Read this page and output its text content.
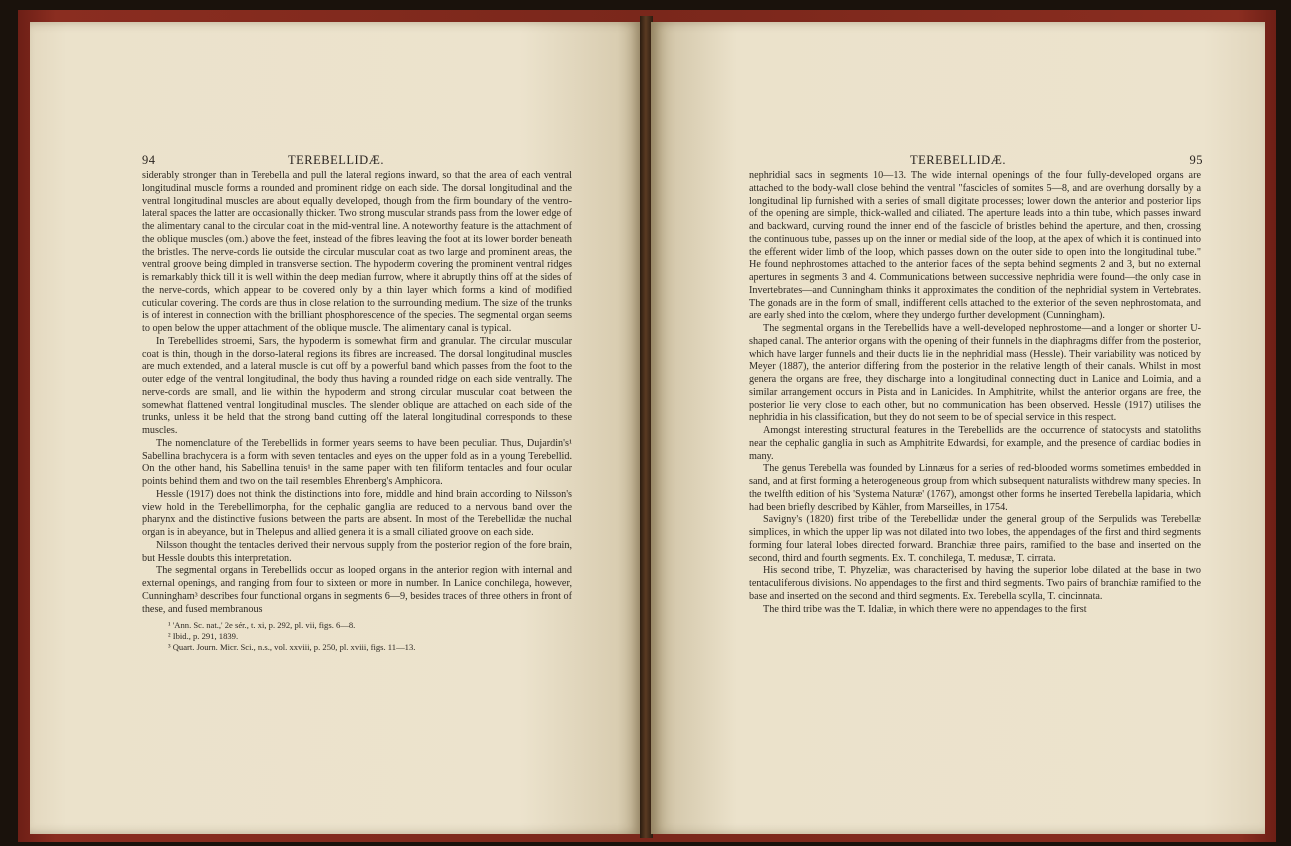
94	TEREBELLIDÆ.

siderably stronger than in Terebella and pull the lateral regions inward, so that the area of each ventral longitudinal muscle forms a rounded and prominent ridge on each side. The dorsal longitudinal and the ventral longitudinal muscles are about equally developed, though from the firm boundary of the ventro-lateral spaces the latter are occasionally thicker. Two strong muscular strands pass from the lower edge of the alimentary canal to the circular coat in the mid-ventral line. A noteworthy feature is the attachment of the oblique muscles (om.) above the feet, instead of the fibres leaving the foot at its lower border beneath the bristles. The nerve-cords lie outside the circular muscular coat as two large and prominent areas, the ventral groove being dimpled in transverse section. The hypoderm covering the prominent ventral ridges is remarkably thick till it is well within the deep median furrow, where it abruptly thins off at the sides of the nerve-cords, which appear to be covered only by a thin layer which forms a kind of modified cuticular covering. The cords are thus in close relation to the surrounding medium. The size of the trunks is of interest in connection with the brilliant phosphorescence of the species. The segmental organ seems to open below the upper attachment of the oblique muscle. The alimentary canal is typical.

In Terebellides stroemi, Sars, the hypoderm is somewhat firm and granular. The circular muscular coat is thin, though in the dorso-lateral regions its fibres are increased. The dorsal longitudinal muscles are much extended, and a lateral muscle is cut off by a powerful band which passes from the foot to the outer edge of the ventral longitudinal, the body thus having a rounded ridge on each side ventrally. The nerve-cords are small, and lie within the hypoderm and strong circular muscular coat between the somewhat flattened ventral longitudinal muscles. The slender oblique are attached on each side of the trunks, unless it be held that the strong band cutting off the lateral longitudinal corresponds to these muscles.

The nomenclature of the Terebellids in former years seems to have been peculiar. Thus, Dujardin's¹ Sabellina brachycera is a form with seven tentacles and eyes on the upper fold as in a young Terebellid. On the other hand, his Sabellina tenuis¹ in the same paper with ten filiform tentacles and four ocular points behind them and two on the tail resembles Ehrenberg's Amphicora.

Hessle (1917) does not think the distinctions into fore, middle and hind brain according to Nilsson's view hold in the Terebellimorpha, for the cephalic ganglia are reduced to a nervous band over the pharynx and the distinctive fusions between the parts are absent. In most of the Terebellidæ the nuchal organ is in abeyance, but in Thelepus and allied genera it is a small ciliated groove on each side.

Nilsson thought the tentacles derived their nervous supply from the posterior region of the fore brain, but Hessle doubts this interpretation.

The segmental organs in Terebellids occur as looped organs in the anterior region with internal and external openings, and ranging from four to sixteen or more in number. In Lanice conchilega, however, Cunningham³ describes four functional organs in segments 6—9, besides traces of three others in front of these, and fused membranous

¹ 'Ann. Sc. nat.,' 2e sér., t. xi, p. 292, pl. vii, figs. 6—8.
² Ibid., p. 291, 1839.
³ Quart. Journ. Micr. Sci., n.s., vol. xxviii, p. 250, pl. xviii, figs. 11—13.
TEREBELLIDÆ.	95

nephridial sacs in segments 10—13. The wide internal openings of the four fully-developed organs are attached to the body-wall close behind the ventral "fascicles of somites 5—8, and are overhung dorsally by a longitudinal lip furnished with a series of small digitate processes; lower down the anterior and posterior lips of the opening are simple, thick-walled and ciliated. The aperture leads into a thin tube, which passes inward and backward, curving round the inner end of the fascicle of bristles behind the aperture, and then, crossing the continuous tube, passes up on the inner or medial side of the loop, at the apex of which it is continued into the efferent wider limb of the loop, which passes down on the outer side to open into the longitudinal tube." He found nephrostomes attached to the anterior faces of the septa behind segments 2 and 3, but no external apertures in segments 3 and 4. Communications between successive nephridia were found—the only case in Invertebrates—and Cunningham thinks it approximates the condition of the nephridial system in Vertebrates. The gonads are in the form of small, indifferent cells attached to the exterior of the seven nephrostomata, and are early shed into the cœlom, where they undergo further development (Cunningham).

The segmental organs in the Terebellids have a well-developed nephrostome—and a longer or shorter U-shaped canal. The anterior organs with the opening of their funnels in the diaphragms differ from the posterior, which have larger funnels and their ducts lie in the nephridial mass (Hessle). Their variability was noticed by Meyer (1887), the anterior differing from the posterior in the relative length of their canals. Whilst in most genera the organs are free, they discharge into a longitudinal connecting duct in Lanice and Loimia, and a similar arrangement occurs in Pista and in Lanicides. In Amphitrite, whilst the anterior organs are free, the posterior lie very close to each other, but no communication has been observed. Hessle (1917) utilises the nephridia in his classification, but they do not seem to be of special service in this respect.

Amongst interesting structural features in the Terebellids are the occurrence of statocysts and statoliths near the cephalic ganglia in such as Amphitrite Edwardsi, for example, and the presence of cardiac bodies in many.

The genus Terebella was founded by Linnæus for a series of red-blooded worms sometimes embedded in sand, and at first forming a heterogeneous group from which subsequent naturalists withdrew many species. In the twelfth edition of his 'Systema Naturæ' (1767), amongst other forms he inserted Terebella lapidaria, which had been briefly described by Kähler, from Marseilles, in 1754.

Savigny's (1820) first tribe of the Terebellidæ under the general group of the Serpulids was Terebellæ simplices, in which the upper lip was not dilated into two lobes, the appendages of the first and third segments forming four lateral lobes directed forward. Branchiæ three pairs, ramified to the base and inserted on the second, third and fourth segments. Ex. T. conchilega, T. medusæ, T. cirrata.

His second tribe, T. Phyzeliæ, was characterised by having the superior lobe dilated at the base in two tentaculiferous divisions. No appendages to the first and third segments. Two pairs of branchiæ ramified to the base and inserted on the second and third segments. Ex. Terebella scylla, T. cincinnata.

The third tribe was the T. Idaliæ, in which there were no appendages to the first
